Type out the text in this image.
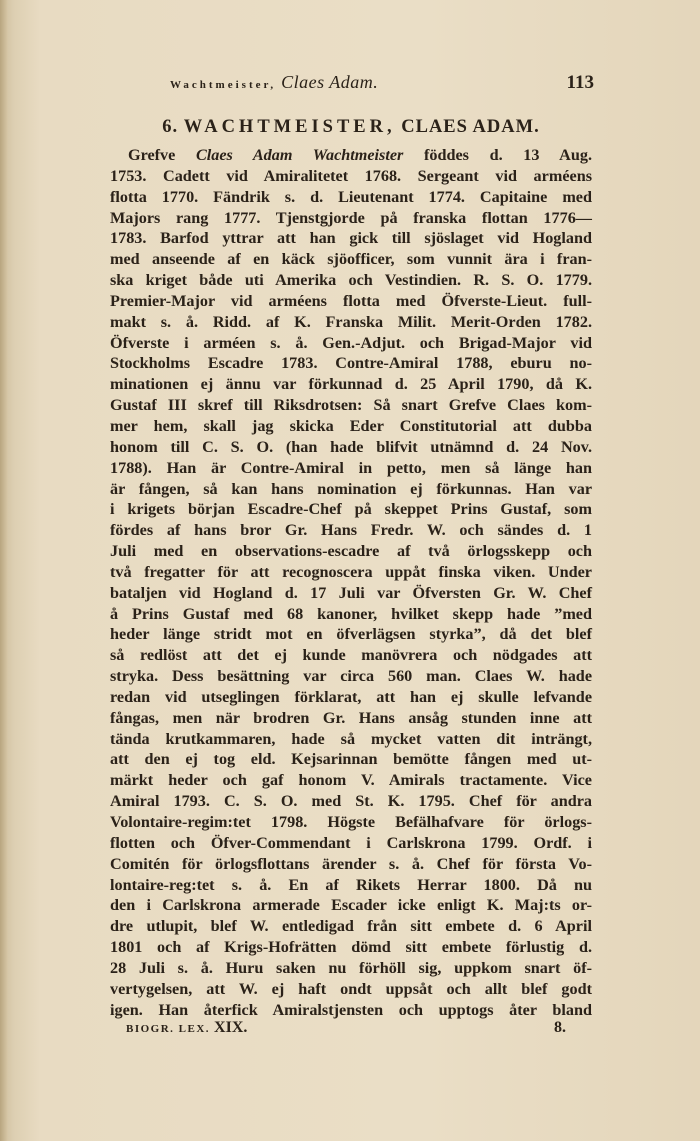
Wachtmeister, Claes Adam.	113
6. WACHTMEISTER, CLAES ADAM.
Grefve Claes Adam Wachtmeister föddes d. 13 Aug.
1753. Cadett vid Amiralitetet 1768. Sergeant vid arméens
flotta 1770. Fändrik s. d. Lieutenant 1774. Capitaine med
Majors rang 1777. Tjenstgjorde på franska flottan 1776—
1783. Barfod yttrar att han gick till sjöslaget vid Hogland
med anseende af en käck sjöofficer, som vunnit ära i fran-
ska kriget både uti Amerika och Vestindien. R. S. O. 1779.
Premier-Major vid arméens flotta med Öfverste-Lieut. full-
makt s. å. Ridd. af K. Franska Milit. Merit-Orden 1782.
Öfverste i arméen s. å. Gen.-Adjut. och Brigad-Major vid
Stockholms Escadre 1783. Contre-Amiral 1788, eburu no-
minationen ej ännu var förkunnad d. 25 April 1790, då K.
Gustaf III skref till Riksdrotsen: Så snart Grefve Claes kom-
mer hem, skall jag skicka Eder Constitutorial att dubba
honom till C. S. O. (han hade blifvit utnämnd d. 24 Nov.
1788). Han är Contre-Amiral in petto, men så länge han
är fången, så kan hans nomination ej förkunnas. Han var
i krigets början Escadre-Chef på skeppet Prins Gustaf, som
fördes af hans bror Gr. Hans Fredr. W. och sändes d. 1
Juli med en observations-escadre af två örlogsskepp och
två fregatter för att recognoscera uppåt finska viken. Under
bataljen vid Hogland d. 17 Juli var Öfversten Gr. W. Chef
å Prins Gustaf med 68 kanoner, hvilket skepp hade ”med
heder länge stridt mot en öfverlägsen styrka”, då det blef
så redlöst att det ej kunde manövrera och nödgades att
stryka. Dess besättning var circa 560 man. Claes W. hade
redan vid utseglingen förklarat, att han ej skulle lefvande
fångas, men när brodren Gr. Hans ansåg stunden inne att
tända krutkammaren, hade så mycket vatten dit inträngt,
att den ej tog eld. Kejsarinnan bemötte fången med ut-
märkt heder och gaf honom V. Amirals tractamente. Vice
Amiral 1793. C. S. O. med St. K. 1795. Chef för andra
Volontaire-regim:tet 1798. Högste Befälhafvare för örlogs-
flotten och Öfver-Commendant i Carlskrona 1799. Ordf. i
Comitén för örlogsflottans ärender s. å. Chef för första Vo-
lontaire-reg:tet s. å. En af Rikets Herrar 1800. Då nu
den i Carlskrona armerade Escader icke enligt K. Maj:ts or-
dre utlupit, blef W. entledigad från sitt embete d. 6 April
1801 och af Krigs-Hofrätten dömd sitt embete förlustig d.
28 Juli s. å. Huru saken nu förhöll sig, uppkom snart öf-
vertygelsen, att W. ej haft ondt uppsåt och allt blef godt
igen. Han återfick Amiralstjensten och upptogs åter bland
BIOGR. LEX. XIX.	8.
